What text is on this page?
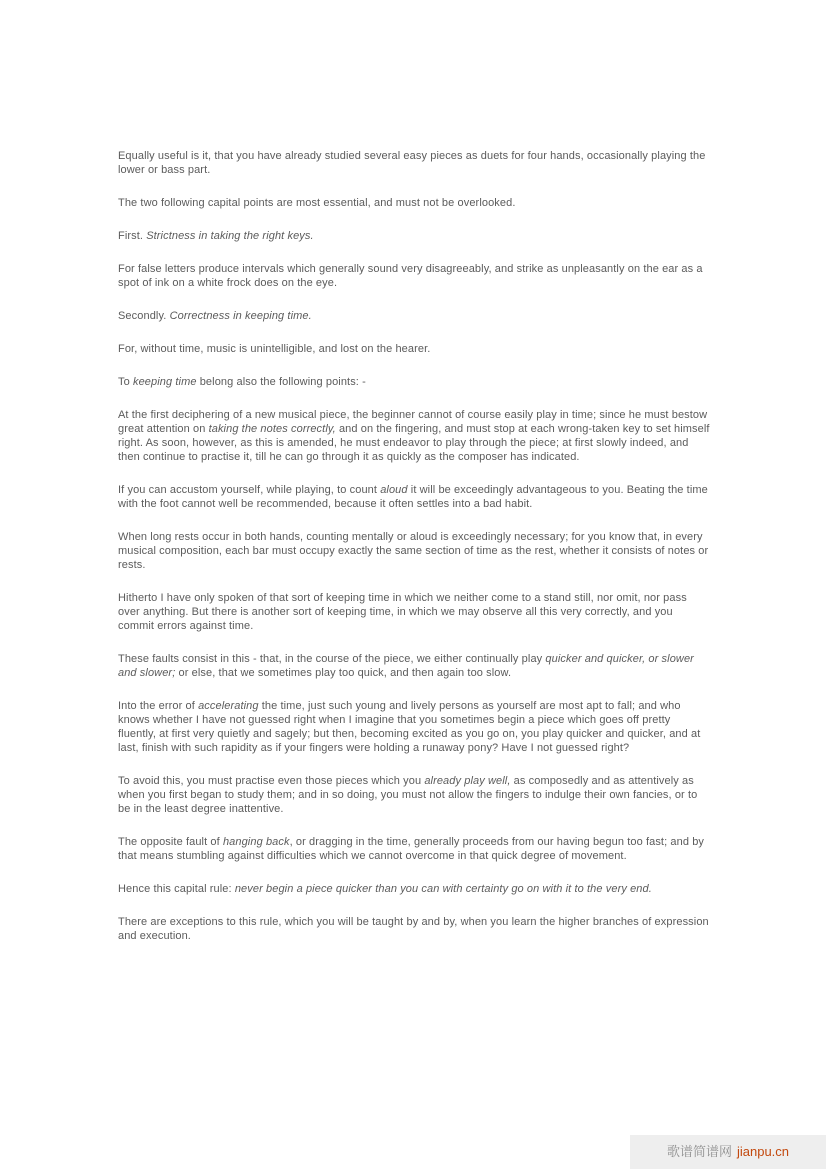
Equally useful is it, that you have already studied several easy pieces as duets for four hands, occasionally playing the lower or bass part.

The two following capital points are most essential, and must not be overlooked.

First. Strictness in taking the right keys.

For false letters produce intervals which generally sound very disagreeably, and strike as unpleasantly on the ear as a spot of ink on a white frock does on the eye.

Secondly. Correctness in keeping time.

For, without time, music is unintelligible, and lost on the hearer.

To keeping time belong also the following points: -

At the first deciphering of a new musical piece, the beginner cannot of course easily play in time; since he must bestow great attention on taking the notes correctly, and on the fingering, and must stop at each wrong-taken key to set himself right. As soon, however, as this is amended, he must endeavor to play through the piece; at first slowly indeed, and then continue to practise it, till he can go through it as quickly as the composer has indicated.

If you can accustom yourself, while playing, to count aloud it will be exceedingly advantageous to you. Beating the time with the foot cannot well be recommended, because it often settles into a bad habit.

When long rests occur in both hands, counting mentally or aloud is exceedingly necessary; for you know that, in every musical composition, each bar must occupy exactly the same section of time as the rest, whether it consists of notes or rests.

Hitherto I have only spoken of that sort of keeping time in which we neither come to a stand still, nor omit, nor pass over anything. But there is another sort of keeping time, in which we may observe all this very correctly, and you commit errors against time.

These faults consist in this - that, in the course of the piece, we either continually play quicker and quicker, or slower and slower; or else, that we sometimes play too quick, and then again too slow.

Into the error of accelerating the time, just such young and lively persons as yourself are most apt to fall; and who knows whether I have not guessed right when I imagine that you sometimes begin a piece which goes off pretty fluently, at first very quietly and sagely; but then, becoming excited as you go on, you play quicker and quicker, and at last, finish with such rapidity as if your fingers were holding a runaway pony? Have I not guessed right?

To avoid this, you must practise even those pieces which you already play well, as composedly and as attentively as when you first began to study them; and in so doing, you must not allow the fingers to indulge their own fancies, or to be in the least degree inattentive.

The opposite fault of hanging back, or dragging in the time, generally proceeds from our having begun too fast; and by that means stumbling against difficulties which we cannot overcome in that quick degree of movement.

Hence this capital rule: never begin a piece quicker than you can with certainty go on with it to the very end.

There are exceptions to this rule, which you will be taught by and by, when you learn the higher branches of expression and execution.

歌谱简谱网 jianpu.cn
